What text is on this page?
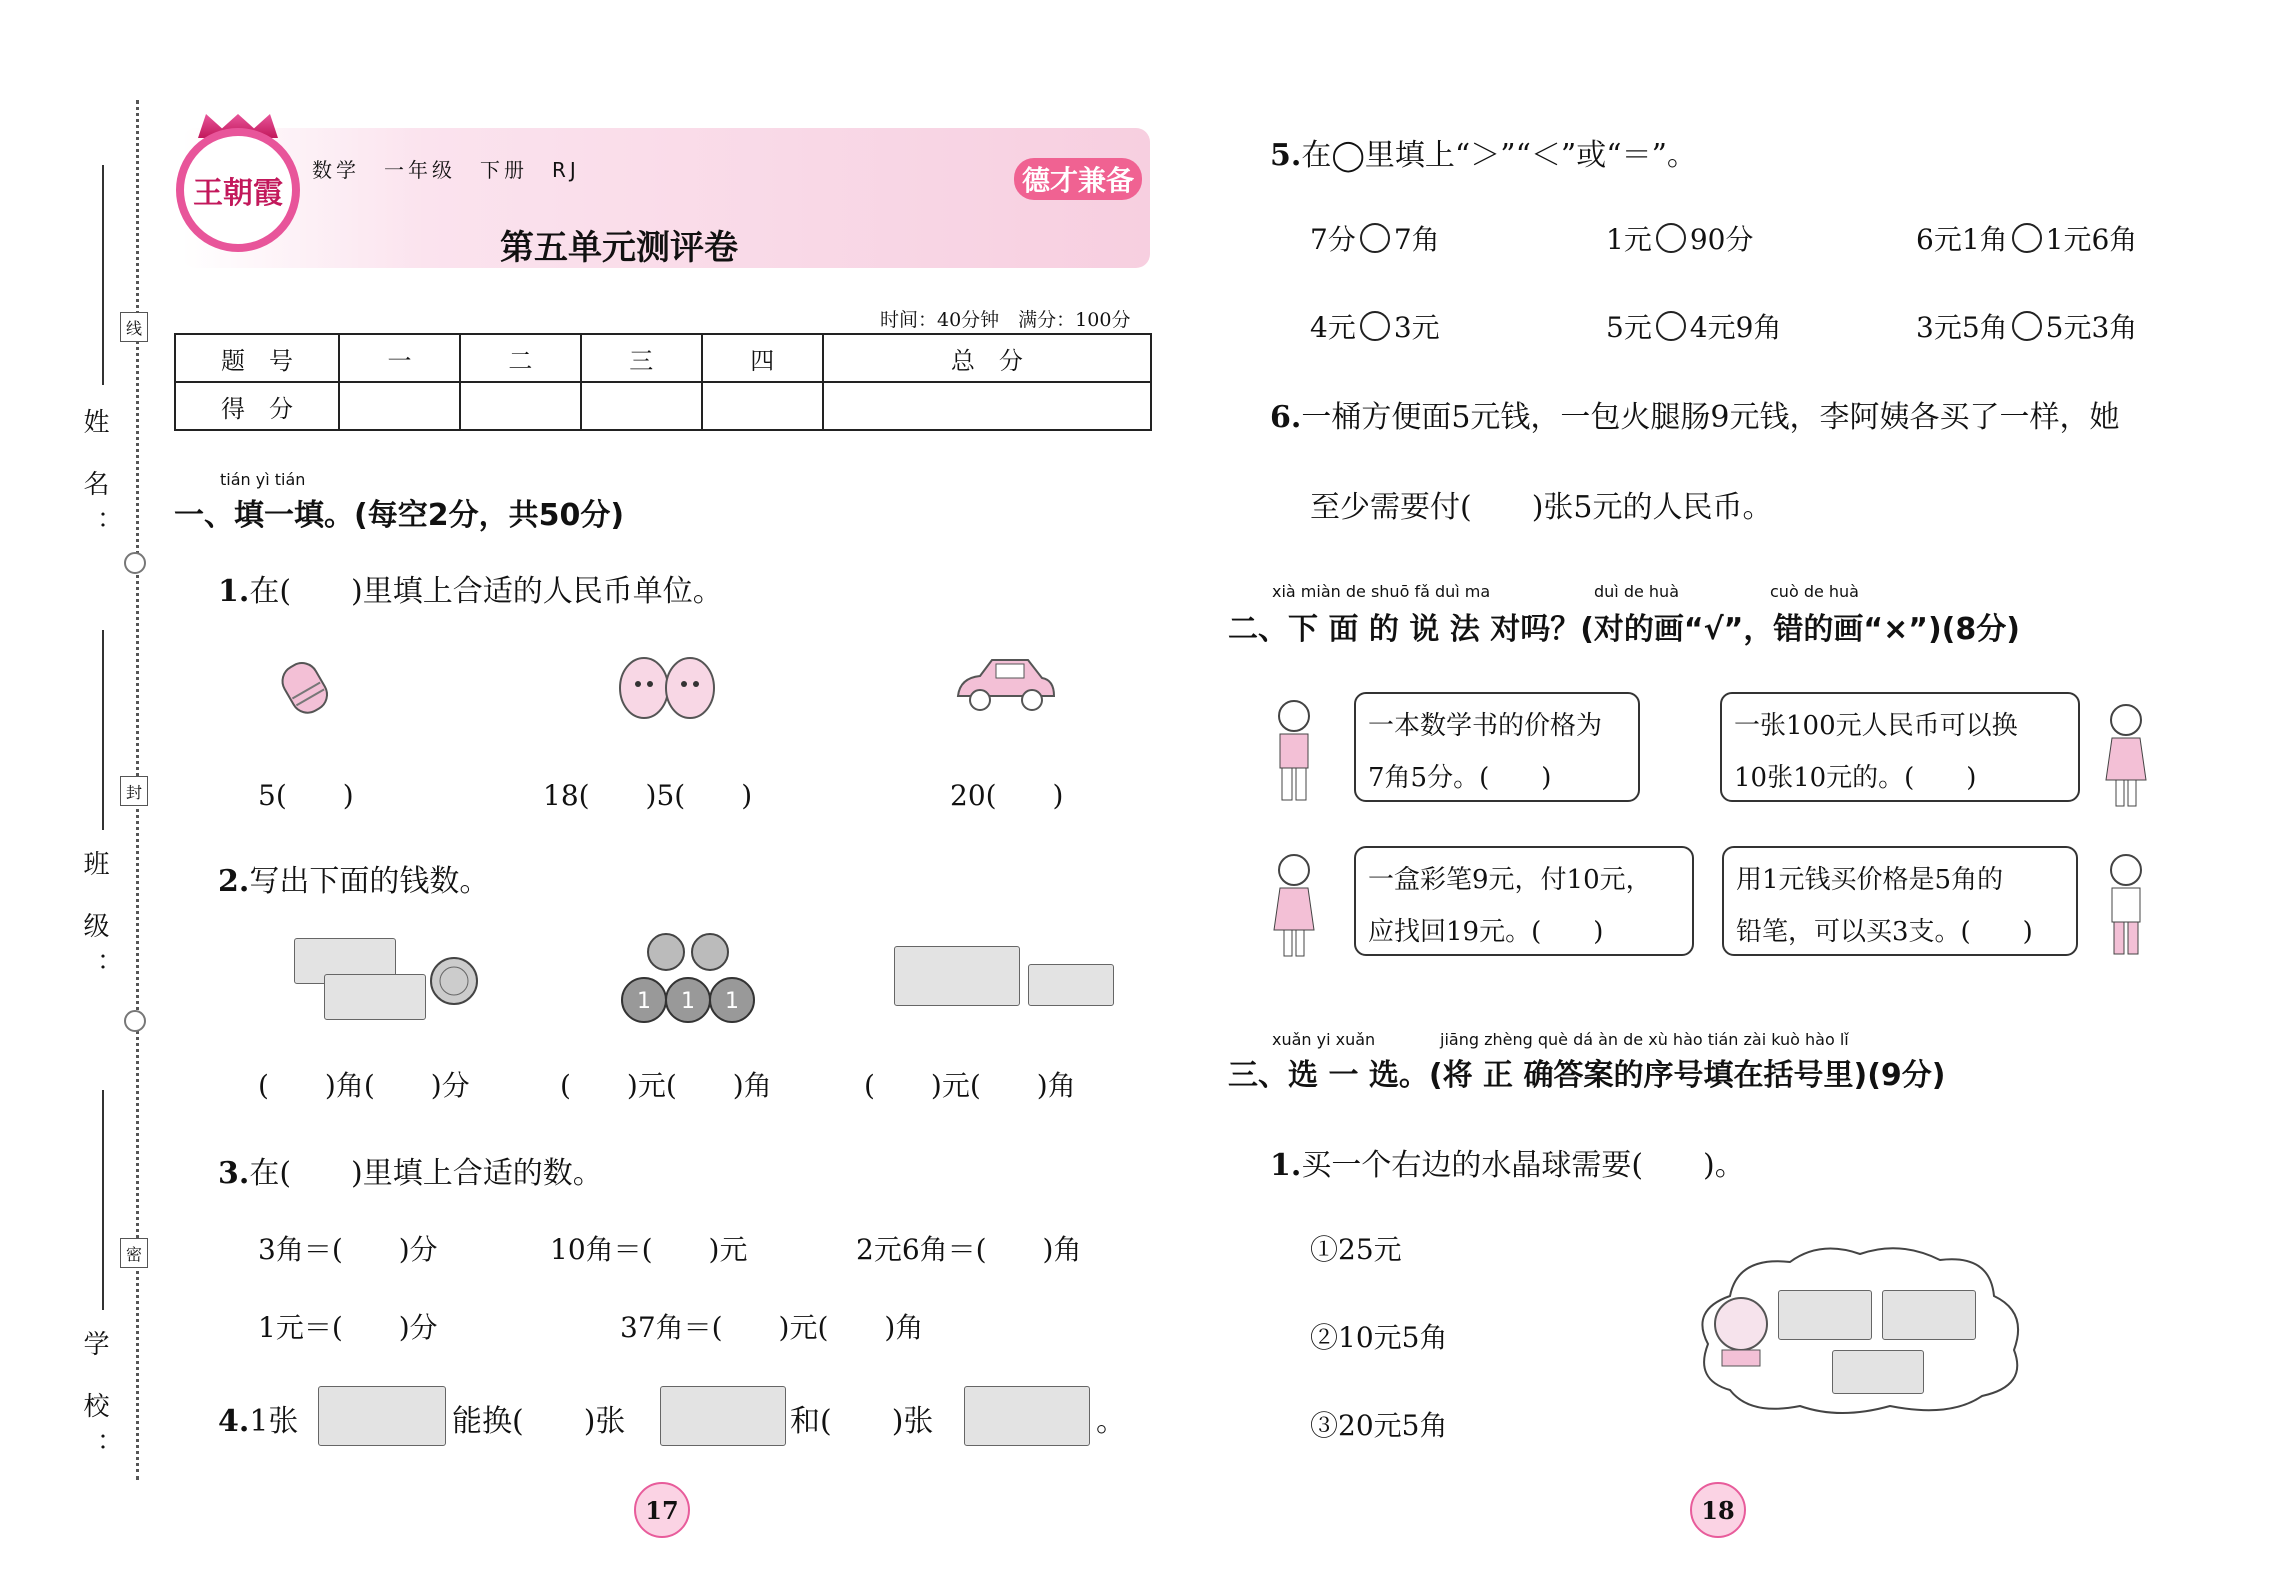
姓 名：
班 级：
学 校：
线
封
密
王朝霞
数学　一年级　下册　RJ	德才兼备
第五单元测评卷
时间：40分钟　满分：100分
题　号	一	二	三	四	总　分
得　分					
tián yì tián
一、填一填。(每空2分，共50分)
1.在(　　)里填上合适的人民币单位。
5(　　)	18(　　)5(　　)	20(　　)
2.写出下面的钱数。
1 1 1
(　　)角(　　)分	(　　)元(　　)角	(　　)元(　　)角
3.在(　　)里填上合适的数。
3角＝(　　)分	10角＝(　　)元	2元6角＝(　　)角
1元＝(　　)分	37角＝(　　)元(　　)角
4.1张	能换(　　)张	和(　　)张	。
17
5.在◯里填上“＞”“＜”或“＝”。
7分 7角	1元 90分	6元1角 1元6角
4元 3元	5元 4元9角	3元5角 5元3角
6.一桶方便面5元钱，一包火腿肠9元钱，李阿姨各买了一样，她
至少需要付(　　)张5元的人民币。
xià miàn de shuō fǎ duì ma	duì de huà	cuò de huà
二、下 面 的 说 法 对吗？(对的画“√”，错的画“×”)(8分)
一本数学书的价格为
7角5分。(　　)
一张100元人民币可以换
10张10元的。(　　)
一盒彩笔9元，付10元，
应找回19元。(　　)
用1元钱买价格是5角的
铅笔，可以买3支。(　　)
xuǎn yi xuǎn	jiāng zhèng què dá àn de xù hào tián zài kuò hào lǐ
三、选 一 选。(将 正 确答案的序号填在括号里)(9分)
1.买一个右边的水晶球需要(　　)。
①25元
②10元5角
③20元5角
18
